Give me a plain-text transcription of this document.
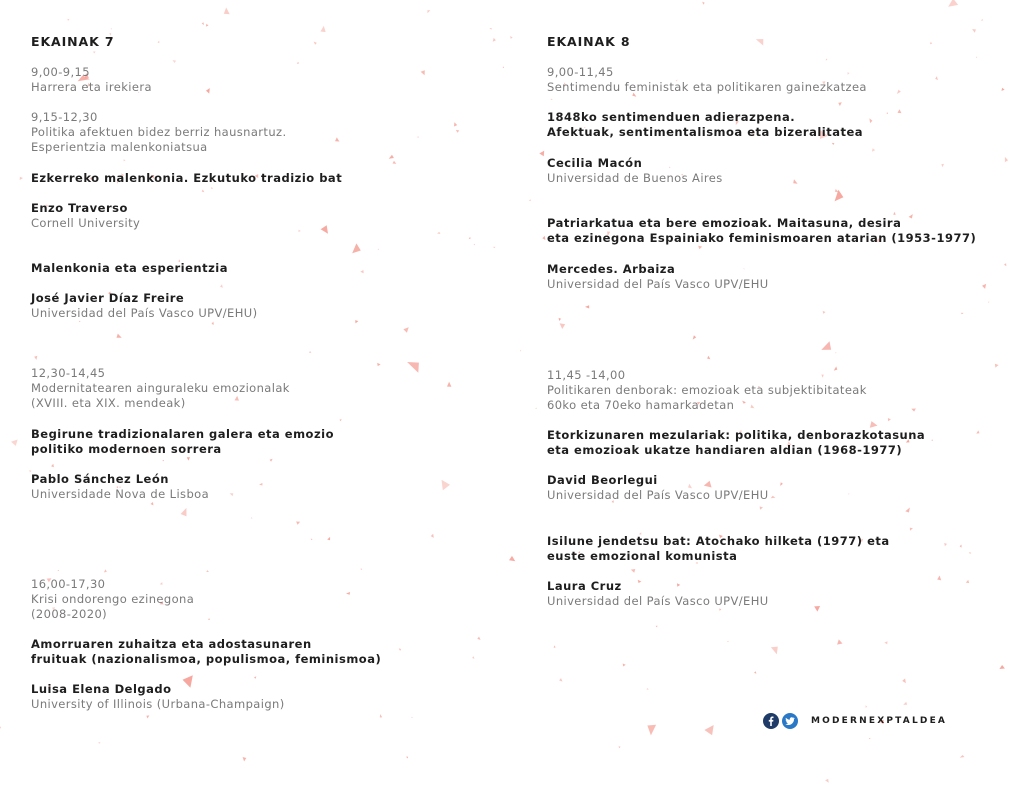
EKAINAK 7
9,00-9,15
Harrera eta irekiera
9,15-12,30
Politika afektuen bidez berriz hausnartuz.
Esperientzia malenkoniatsua
Ezkerreko malenkonia. Ezkutuko tradizio bat
Enzo Traverso
Cornell University
Malenkonia eta esperientzia
José Javier Díaz Freire
Universidad del País Vasco UPV/EHU)
12,30-14,45
Modernitatearen ainguraleku emozionalak
(XVIII. eta XIX. mendeak)
Begirune tradizionalaren galera eta emozio
politiko modernoen sorrera
Pablo Sánchez León
Universidade Nova de Lisboa
16,00-17,30
Krisi ondorengo ezinegona
(2008-2020)
Amorruaren zuhaitza eta adostasunaren
fruituak (nazionalismoa, populismoa, feminismoa)
Luisa Elena Delgado
University of Illinois (Urbana-Champaign)
EKAINAK 8
9,00-11,45
Sentimendu feministak eta politikaren gainezkatzea
1848ko sentimenduen adierazpena.
Afektuak, sentimentalismoa eta bizeralitatea
Cecilia Macón
Universidad de Buenos Aires
Patriarkatua eta bere emozioak. Maitasuna, desira
eta ezinegona Espainiako feminismoaren atarian (1953-1977)
Mercedes. Arbaiza
Universidad del País Vasco UPV/EHU
11,45 -14,00
Politikaren denborak: emozioak eta subjektibitateak
60ko eta 70eko hamarkadetan
Etorkizunaren mezulariak: politika, denborazkotasuna
eta emozioak ukatze handiaren aldian (1968-1977)
David Beorlegui
Universidad del País Vasco UPV/EHU
Isilune jendetsu bat: Atochako hilketa (1977) eta
euste emozional komunista
Laura Cruz
Universidad del País Vasco UPV/EHU
MODERNEXPTALDEA
